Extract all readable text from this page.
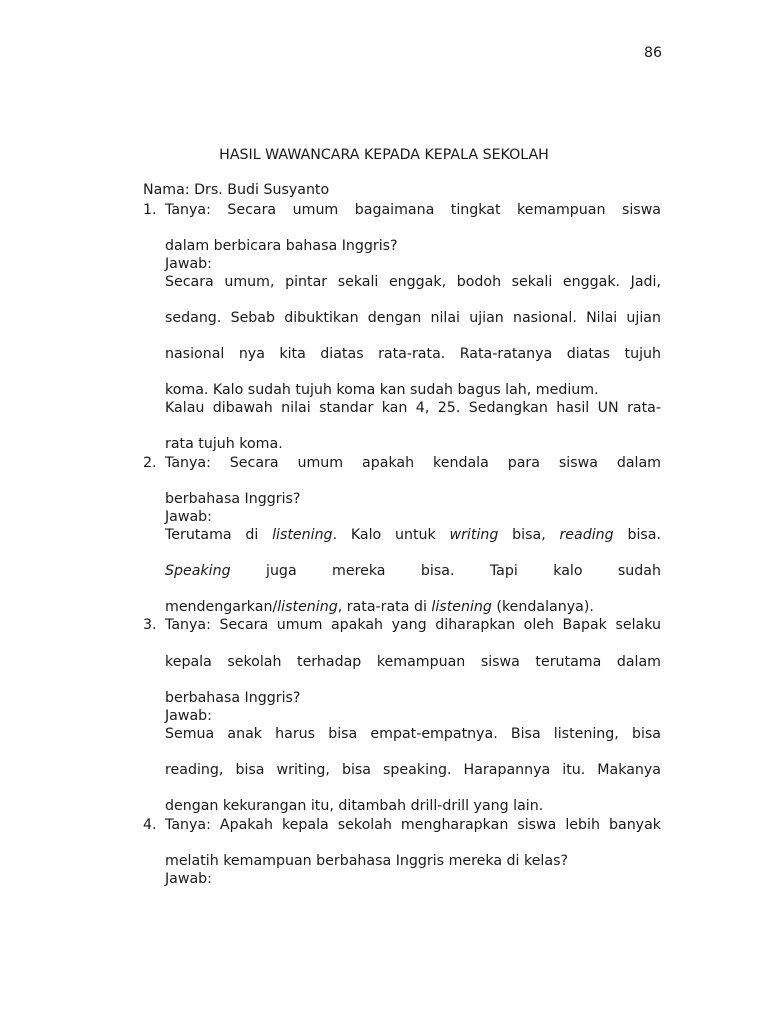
86
HASIL WAWANCARA KEPADA KEPALA SEKOLAH
Nama: Drs. Budi Susyanto
1. Tanya: Secara umum bagaimana tingkat kemampuan siswa
dalam berbicara bahasa Inggris?
Jawab:
Secara umum, pintar sekali enggak, bodoh sekali enggak. Jadi,
sedang. Sebab dibuktikan dengan nilai ujian nasional. Nilai ujian
nasional nya kita diatas rata-rata. Rata-ratanya diatas tujuh
koma. Kalo sudah tujuh koma kan sudah bagus lah, medium.
Kalau dibawah nilai standar kan 4, 25. Sedangkan hasil UN rata-
rata tujuh koma.
2. Tanya: Secara umum apakah kendala para siswa dalam
berbahasa Inggris?
Jawab:
Terutama di listening. Kalo untuk writing bisa, reading bisa.
Speaking juga mereka bisa. Tapi kalo sudah
mendengarkan/listening, rata-rata di listening (kendalanya).
3. Tanya: Secara umum apakah yang diharapkan oleh Bapak selaku
kepala sekolah terhadap kemampuan siswa terutama dalam
berbahasa Inggris?
Jawab:
Semua anak harus bisa empat-empatnya. Bisa listening, bisa
reading, bisa writing, bisa speaking. Harapannya itu. Makanya
dengan kekurangan itu, ditambah drill-drill yang lain.
4. Tanya: Apakah kepala sekolah mengharapkan siswa lebih banyak
melatih kemampuan berbahasa Inggris mereka di kelas?
Jawab:
